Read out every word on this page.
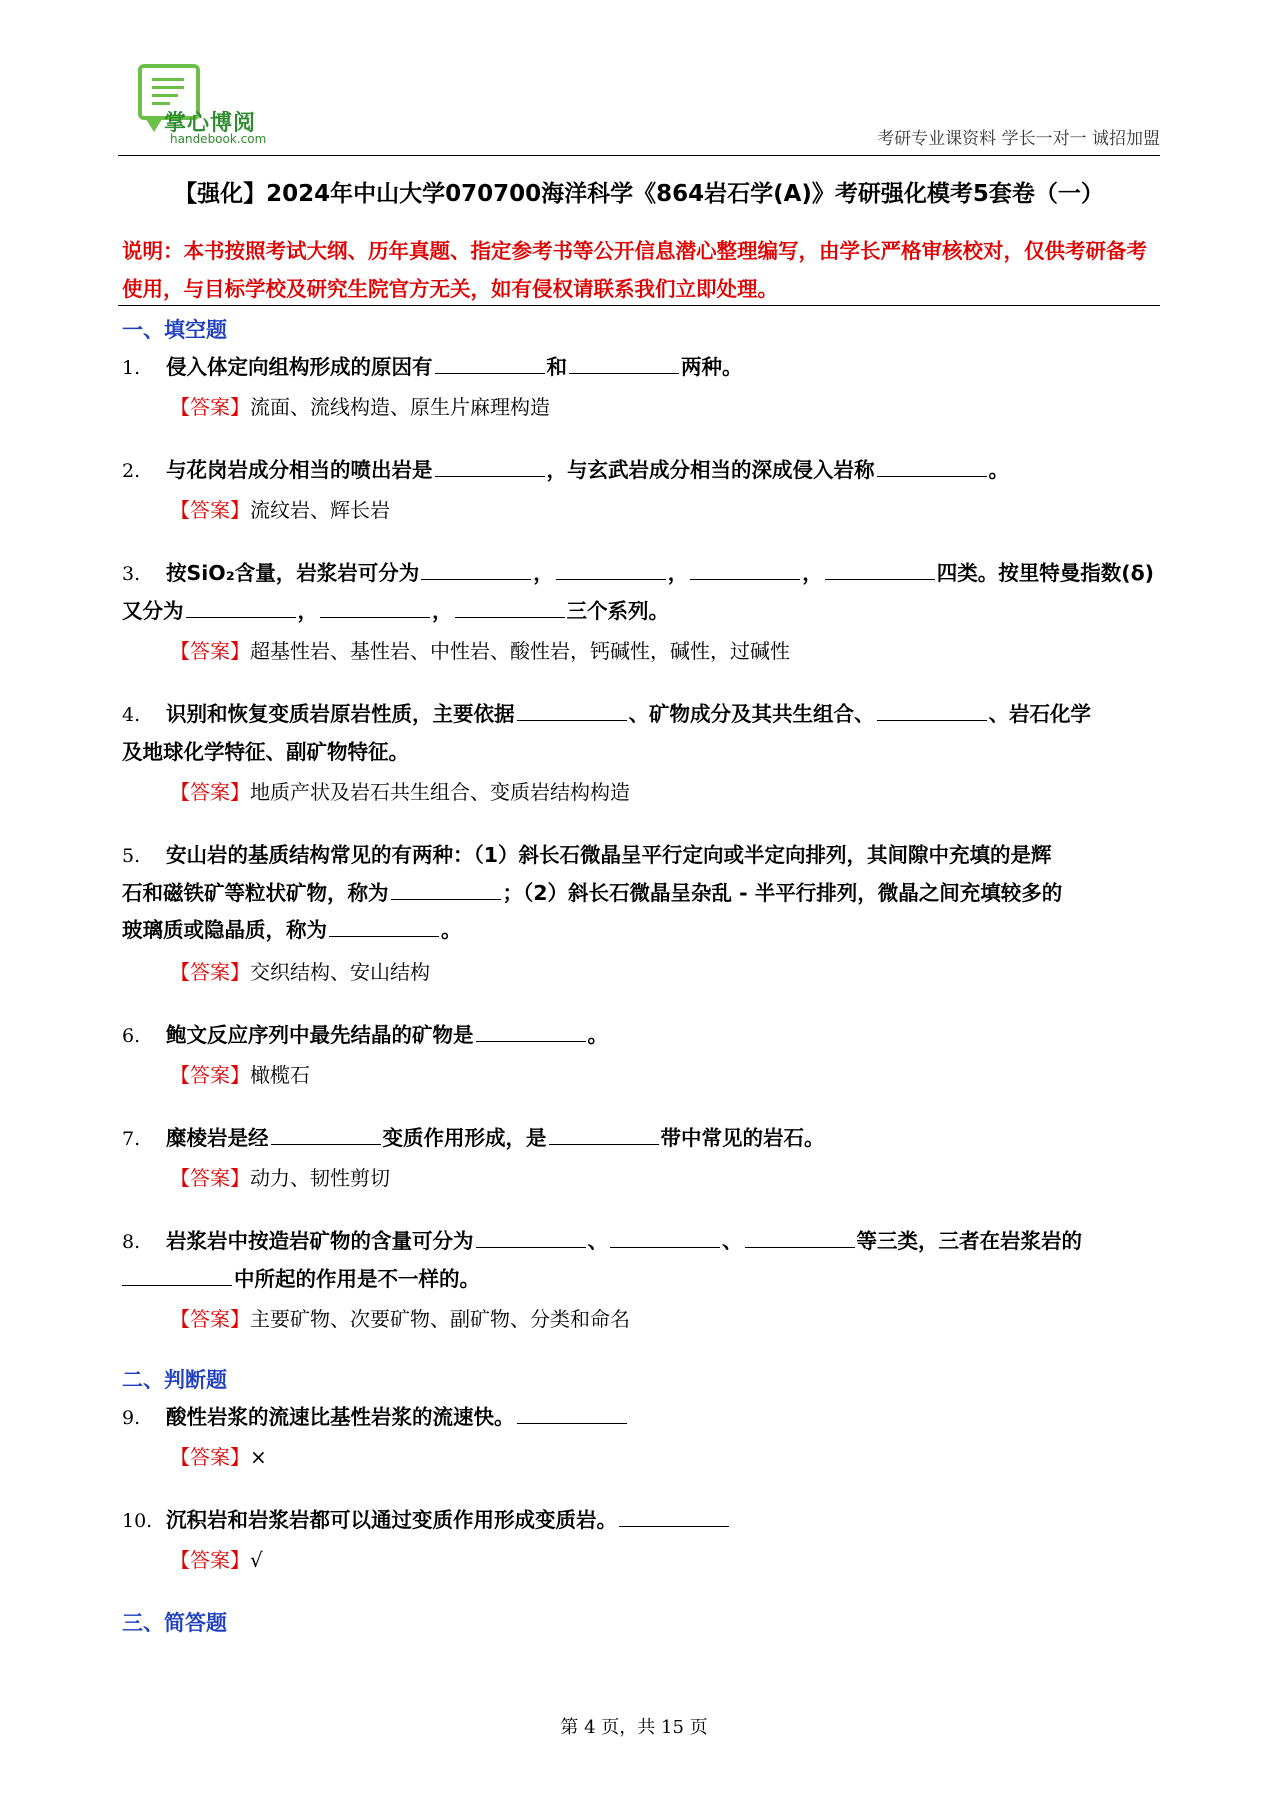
掌心博阅
handebook.com	考研专业课资料 学长一对一 诚招加盟
【强化】2024年中山大学070700海洋科学《864岩石学(A)》考研强化模考5套卷（一）
说明：本书按照考试大纲、历年真题、指定参考书等公开信息潜心整理编写，由学长严格审核校对，仅供考研备考使用，与目标学校及研究生院官方无关，如有侵权请联系我们立即处理。
一、填空题
1. 侵入体定向组构形成的原因有	和	两种。
【答案】流面、流线构造、原生片麻理构造
2. 与花岗岩成分相当的喷出岩是	，与玄武岩成分相当的深成侵入岩称	。
【答案】流纹岩、辉长岩
3. 按SiO₂含量，岩浆岩可分为	，	，	，	四类。按里特曼指数(δ)
又分为	，	，	三个系列。
【答案】超基性岩、基性岩、中性岩、酸性岩，钙碱性，碱性，过碱性
4. 识别和恢复变质岩原岩性质，主要依据	、矿物成分及其共生组合、	、岩石化学
及地球化学特征、副矿物特征。
【答案】地质产状及岩石共生组合、变质岩结构构造
5. 安山岩的基质结构常见的有两种：（1）斜长石微晶呈平行定向或半定向排列，其间隙中充填的是辉
石和磁铁矿等粒状矿物，称为	；（2）斜长石微晶呈杂乱 - 半平行排列，微晶之间充填较多的
玻璃质或隐晶质，称为	。
【答案】交织结构、安山结构
6. 鲍文反应序列中最先结晶的矿物是	。
【答案】橄榄石
7. 糜棱岩是经	变质作用形成，是	带中常见的岩石。
【答案】动力、韧性剪切
8. 岩浆岩中按造岩矿物的含量可分为	、	、	等三类，三者在岩浆岩的
中所起的作用是不一样的。
【答案】主要矿物、次要矿物、副矿物、分类和命名
二、判断题
9. 酸性岩浆的流速比基性岩浆的流速快。
【答案】×
10. 沉积岩和岩浆岩都可以通过变质作用形成变质岩。
【答案】√
三、简答题
第 4 页，共 15 页
